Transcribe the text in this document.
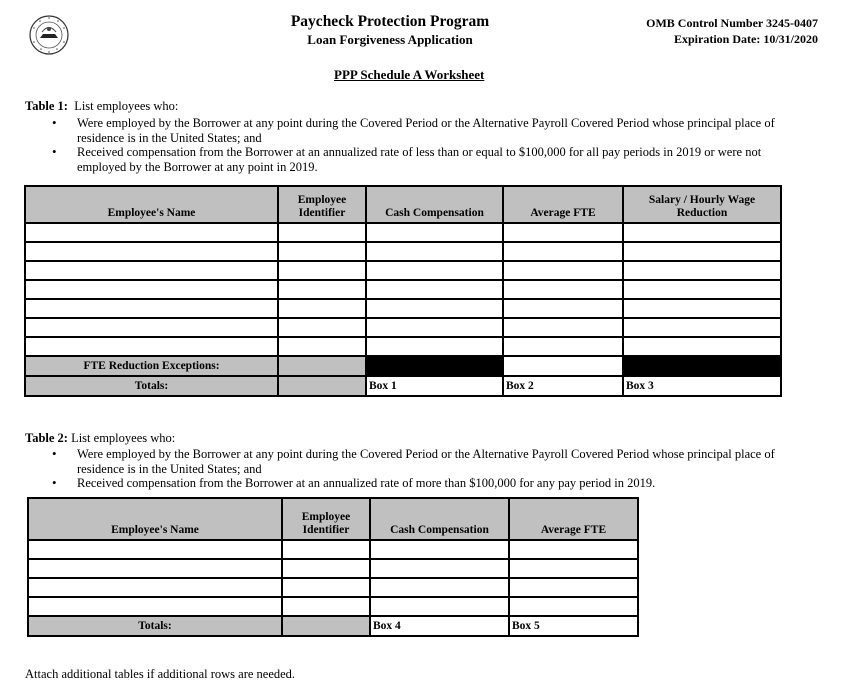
Paycheck Protection Program
Loan Forgiveness Application
OMB Control Number 3245-0407
Expiration Date: 10/31/2020
PPP Schedule A Worksheet
Table 1: List employees who:
• Were employed by the Borrower at any point during the Covered Period or the Alternative Payroll Covered Period whose principal place of residence is in the United States; and
• Received compensation from the Borrower at an annualized rate of less than or equal to $100,000 for all pay periods in 2019 or were not employed by the Borrower at any point in 2019.
Employee's Name	Employee Identifier	Cash Compensation	Average FTE	Salary / Hourly Wage Reduction

FTE Reduction Exceptions:				
Totals:		Box 1	Box 2	Box 3
Table 2: List employees who:
• Were employed by the Borrower at any point during the Covered Period or the Alternative Payroll Covered Period whose principal place of residence is in the United States; and
• Received compensation from the Borrower at an annualized rate of more than $100,000 for any pay period in 2019.
Employee's Name	Employee Identifier	Cash Compensation	Average FTE

Totals:		Box 4	Box 5
Attach additional tables if additional rows are needed.
